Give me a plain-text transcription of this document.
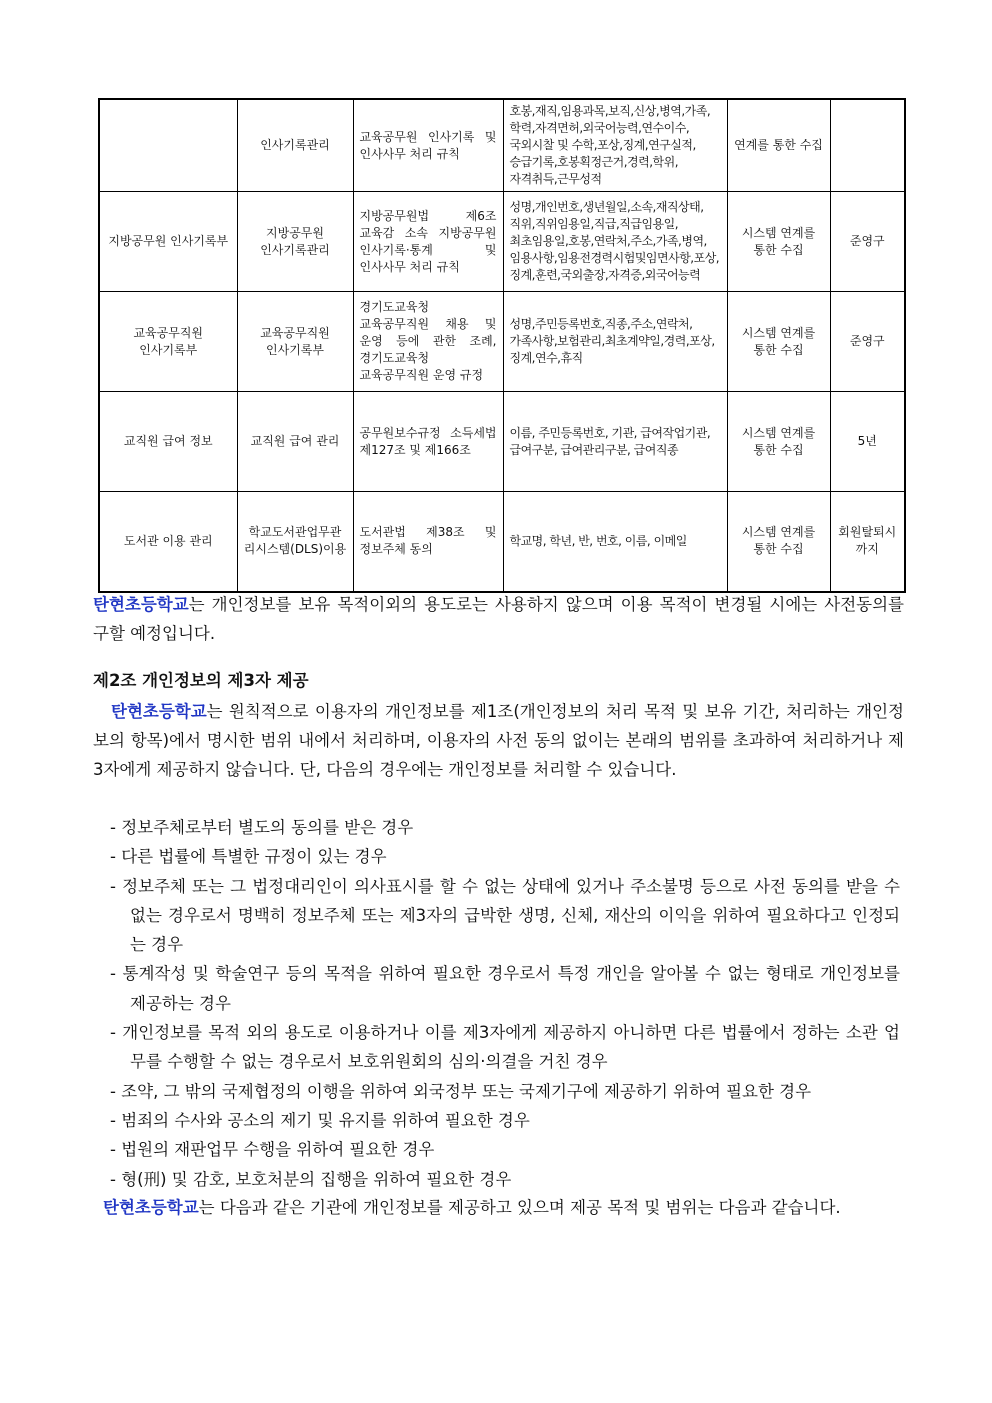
	인사기록관리	교육공무원 인사기록 및 인사사무 처리 규칙	호봉,재직,임용과목,보직,신상,병역,가족,학력,자격면허,외국어능력,연수이수,국외시찰 및 수학,포상,징계,연구실적,승급기록,호봉획정근거,경력,학위,자격취득,근무성적	연계를 통한 수집	
지방공무원 인사기록부	지방공무원 인사기록관리	지방공무원법 제6조 교육감 소속 지방공무원 인사기록·통계 및 인사사무 처리 규칙	성명,개인번호,생년월일,소속,재직상태,직위,직위임용일,직급,직급임용일,최초임용일,호봉,연락처,주소,가족,병역,임용사항,임용전경력시험및임면사항,포상,징계,훈련,국외출장,자격증,외국어능력	시스템 연계를 통한 수집	준영구
교육공무직원 인사기록부	교육공무직원 인사기록부	경기도교육청 교육공무직원 채용 및 운영 등에 관한 조례, 경기도교육청 교육공무직원 운영 규정	성명,주민등록번호,직종,주소,연락처,가족사항,보험관리,최초계약일,경력,포상,징계,연수,휴직	시스템 연계를 통한 수집	준영구
교직원 급여 정보	교직원 급여 관리	공무원보수규정 소득세법 제127조 및 제166조	이름, 주민등록번호, 기관, 급여작업기관, 급여구분, 급여관리구분, 급여직종	시스템 연계를 통한 수집	5년
도서관 이용 관리	학교도서관업무관리시스템(DLS)이용	도서관법 제38조 및 정보주체 동의	학교명, 학년, 반, 번호, 이름, 이메일	시스템 연계를 통한 수집	회원탈퇴시까지

탄현초등학교는 개인정보를 보유 목적이외의 용도로는 사용하지 않으며 이용 목적이 변경될 시에는 사전동의를 구할 예정입니다.

제2조 개인정보의 제3자 제공

탄현초등학교는 원칙적으로 이용자의 개인정보를 제1조(개인정보의 처리 목적 및 보유 기간, 처리하는 개인정보의 항목)에서 명시한 범위 내에서 처리하며, 이용자의 사전 동의 없이는 본래의 범위를 초과하여 처리하거나 제3자에게 제공하지 않습니다. 단, 다음의 경우에는 개인정보를 처리할 수 있습니다.

- 정보주체로부터 별도의 동의를 받은 경우
- 다른 법률에 특별한 규정이 있는 경우
- 정보주체 또는 그 법정대리인이 의사표시를 할 수 없는 상태에 있거나 주소불명 등으로 사전 동의를 받을 수 없는 경우로서 명백히 정보주체 또는 제3자의 급박한 생명, 신체, 재산의 이익을 위하여 필요하다고 인정되는 경우
- 통계작성 및 학술연구 등의 목적을 위하여 필요한 경우로서 특정 개인을 알아볼 수 없는 형태로 개인정보를 제공하는 경우
- 개인정보를 목적 외의 용도로 이용하거나 이를 제3자에게 제공하지 아니하면 다른 법률에서 정하는 소관 업무를 수행할 수 없는 경우로서 보호위원회의 심의·의결을 거친 경우
- 조약, 그 밖의 국제협정의 이행을 위하여 외국정부 또는 국제기구에 제공하기 위하여 필요한 경우
- 범죄의 수사와 공소의 제기 및 유지를 위하여 필요한 경우
- 법원의 재판업무 수행을 위하여 필요한 경우
- 형(刑) 및 감호, 보호처분의 집행을 위하여 필요한 경우

탄현초등학교는 다음과 같은 기관에 개인정보를 제공하고 있으며 제공 목적 및 범위는 다음과 같습니다.
